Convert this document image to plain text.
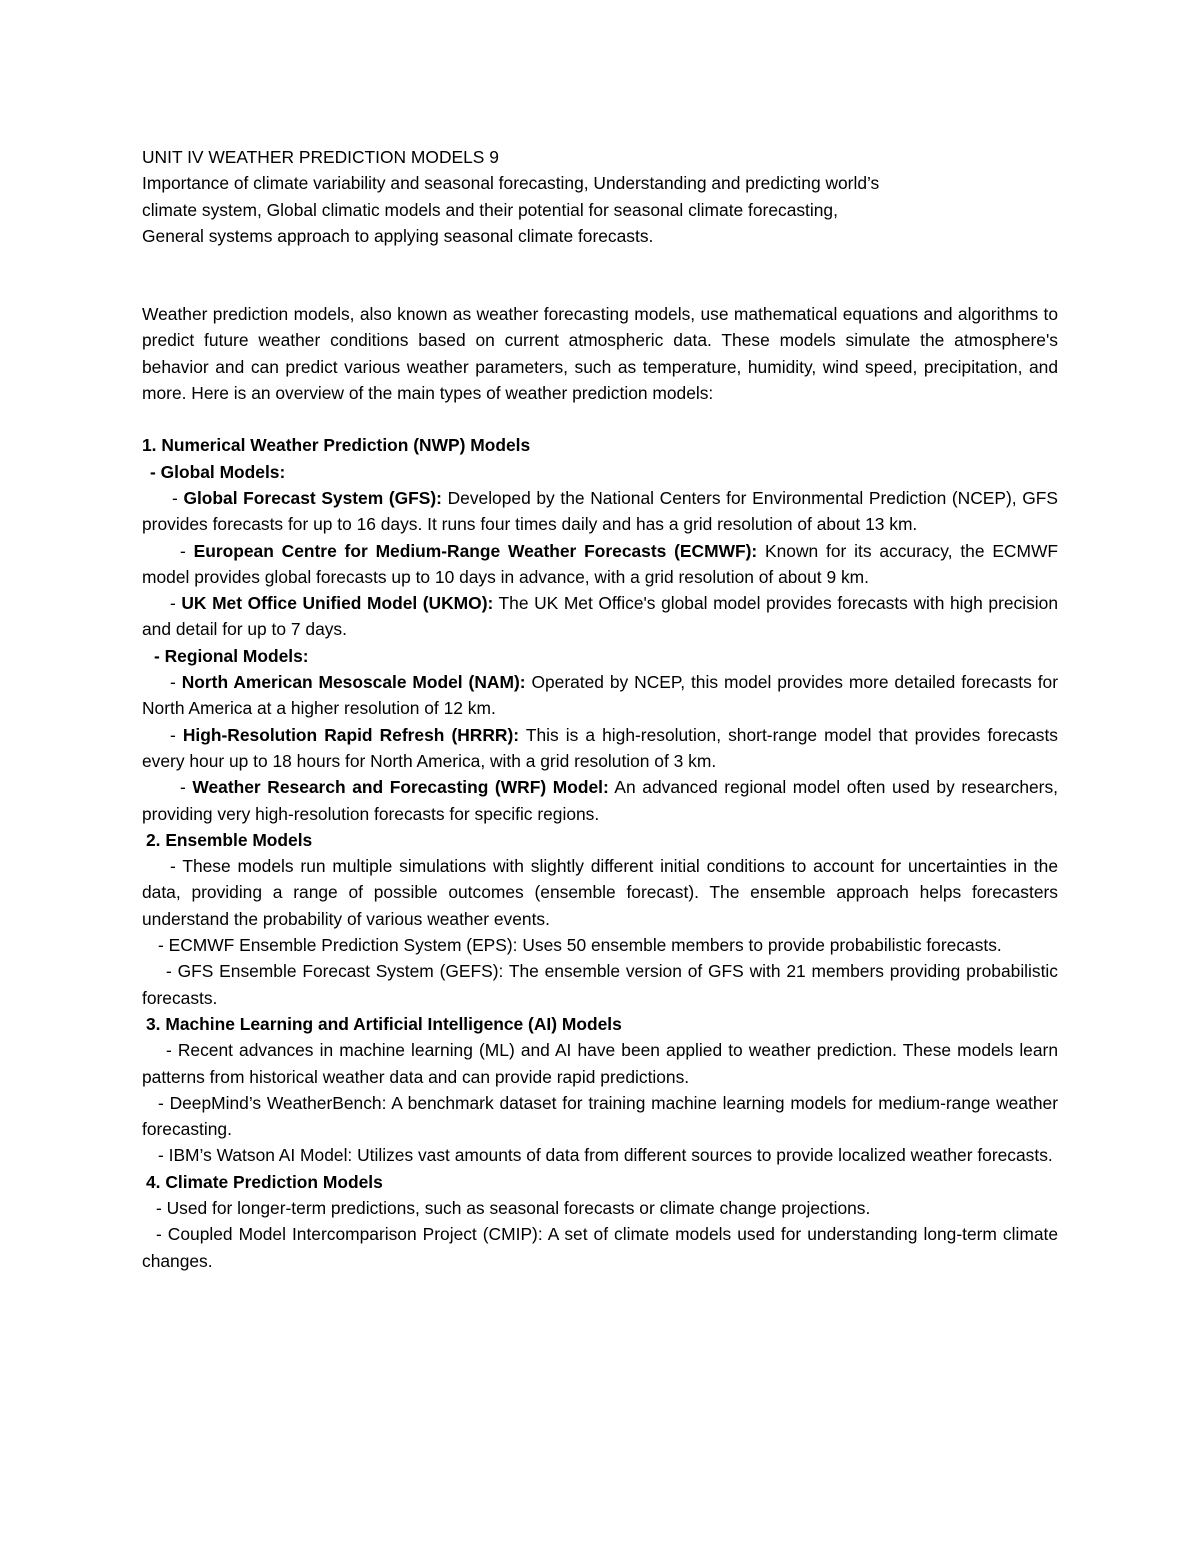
UNIT IV WEATHER PREDICTION MODELS 9

Importance of climate variability and seasonal forecasting, Understanding and predicting world’s

climate system, Global climatic models and their potential for seasonal climate forecasting,

General systems approach to applying seasonal climate forecasts.

Weather prediction models, also known as weather forecasting models, use mathematical equations and algorithms to predict future weather conditions based on current atmospheric data. These models simulate the atmosphere's behavior and can predict various weather parameters, such as temperature, humidity, wind speed, precipitation, and more. Here is an overview of the main types of weather prediction models:

1. Numerical Weather Prediction (NWP) Models

- Global Models:

- Global Forecast System (GFS): Developed by the National Centers for Environmental Prediction (NCEP), GFS provides forecasts for up to 16 days. It runs four times daily and has a grid resolution of about 13 km.

- European Centre for Medium-Range Weather Forecasts (ECMWF): Known for its accuracy, the ECMWF model provides global forecasts up to 10 days in advance, with a grid resolution of about 9 km.

- UK Met Office Unified Model (UKMO): The UK Met Office's global model provides forecasts with high precision and detail for up to 7 days.

- Regional Models:

- North American Mesoscale Model (NAM): Operated by NCEP, this model provides more detailed forecasts for North America at a higher resolution of 12 km.

- High-Resolution Rapid Refresh (HRRR): This is a high-resolution, short-range model that provides forecasts every hour up to 18 hours for North America, with a grid resolution of 3 km.

- Weather Research and Forecasting (WRF) Model: An advanced regional model often used by researchers, providing very high-resolution forecasts for specific regions.

2. Ensemble Models

- These models run multiple simulations with slightly different initial conditions to account for uncertainties in the data, providing a range of possible outcomes (ensemble forecast). The ensemble approach helps forecasters understand the probability of various weather events.

- ECMWF Ensemble Prediction System (EPS): Uses 50 ensemble members to provide probabilistic forecasts.

- GFS Ensemble Forecast System (GEFS): The ensemble version of GFS with 21 members providing probabilistic forecasts.

3. Machine Learning and Artificial Intelligence (AI) Models

- Recent advances in machine learning (ML) and AI have been applied to weather prediction. These models learn patterns from historical weather data and can provide rapid predictions.

- DeepMind’s WeatherBench: A benchmark dataset for training machine learning models for medium-range weather forecasting.

- IBM’s Watson AI Model: Utilizes vast amounts of data from different sources to provide localized weather forecasts.

4. Climate Prediction Models

- Used for longer-term predictions, such as seasonal forecasts or climate change projections.

- Coupled Model Intercomparison Project (CMIP): A set of climate models used for understanding long-term climate changes.
